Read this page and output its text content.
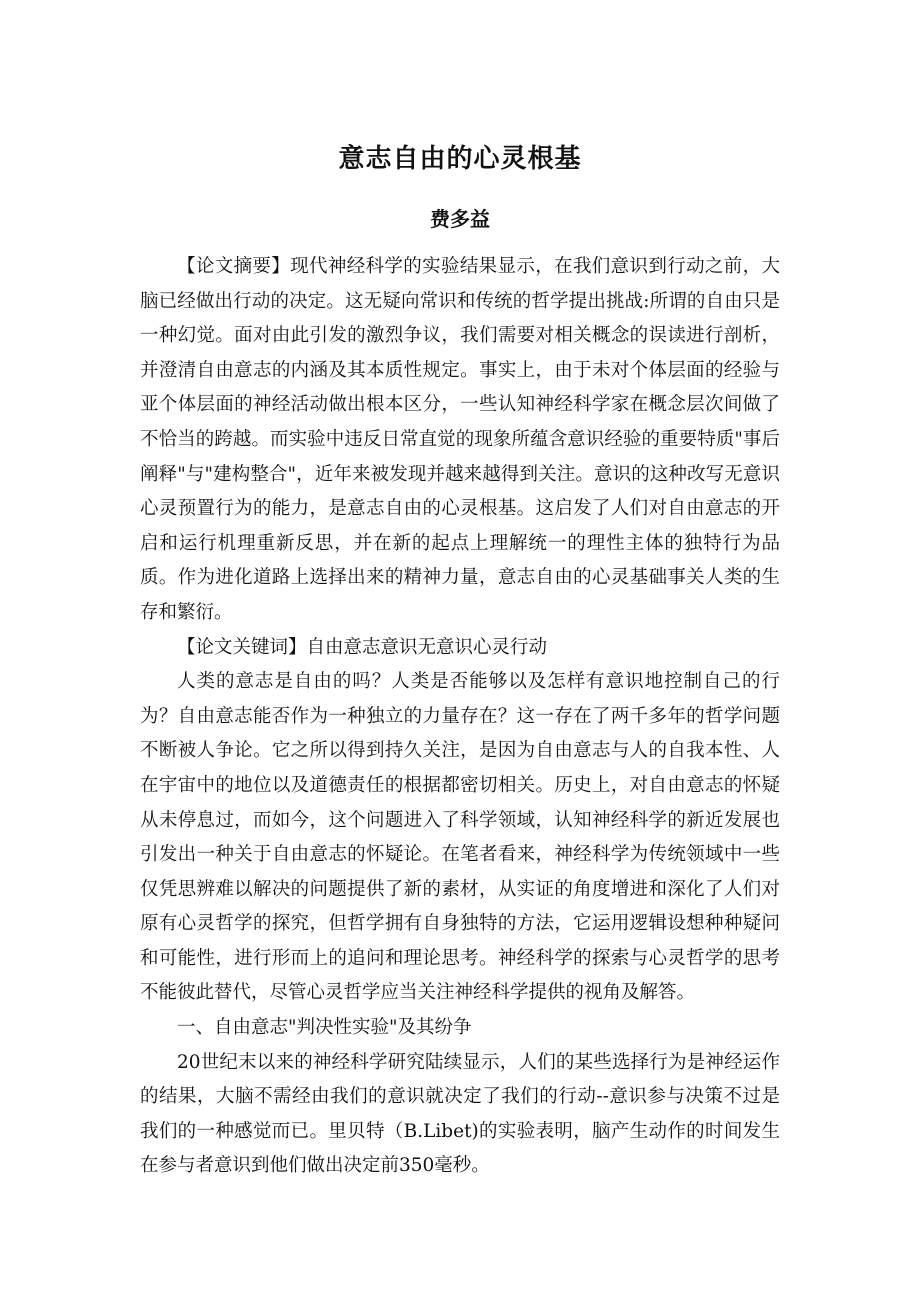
意志自由的心灵根基
费多益

【论文摘要】现代神经科学的实验结果显示，在我们意识到行动之前，大脑已经做出行动的决定。这无疑向常识和传统的哲学提出挑战:所谓的自由只是一种幻觉。面对由此引发的激烈争议，我们需要对相关概念的误读进行剖析，并澄清自由意志的内涵及其本质性规定。事实上，由于未对个体层面的经验与亚个体层面的神经活动做出根本区分，一些认知神经科学家在概念层次间做了不恰当的跨越。而实验中违反日常直觉的现象所蕴含意识经验的重要特质"事后阐释"与"建构整合"，近年来被发现并越来越得到关注。意识的这种改写无意识心灵预置行为的能力，是意志自由的心灵根基。这启发了人们对自由意志的开启和运行机理重新反思，并在新的起点上理解统一的理性主体的独特行为品质。作为进化道路上选择出来的精神力量，意志自由的心灵基础事关人类的生存和繁衍。

【论文关键词】自由意志意识无意识心灵行动

人类的意志是自由的吗？人类是否能够以及怎样有意识地控制自己的行为？自由意志能否作为一种独立的力量存在？这一存在了两千多年的哲学问题不断被人争论。它之所以得到持久关注，是因为自由意志与人的自我本性、人在宇宙中的地位以及道德责任的根据都密切相关。历史上，对自由意志的怀疑从未停息过，而如今，这个问题进入了科学领域，认知神经科学的新近发展也引发出一种关于自由意志的怀疑论。在笔者看来，神经科学为传统领域中一些仅凭思辨难以解决的问题提供了新的素材，从实证的角度增进和深化了人们对原有心灵哲学的探究，但哲学拥有自身独特的方法，它运用逻辑设想种种疑问和可能性，进行形而上的追问和理论思考。神经科学的探索与心灵哲学的思考不能彼此替代，尽管心灵哲学应当关注神经科学提供的视角及解答。

一、自由意志"判决性实验"及其纷争

20世纪末以来的神经科学研究陆续显示，人们的某些选择行为是神经运作的结果，大脑不需经由我们的意识就决定了我们的行动--意识参与决策不过是我们的一种感觉而已。里贝特（B.Libet)的实验表明，脑产生动作的时间发生在参与者意识到他们做出决定前350毫秒。
